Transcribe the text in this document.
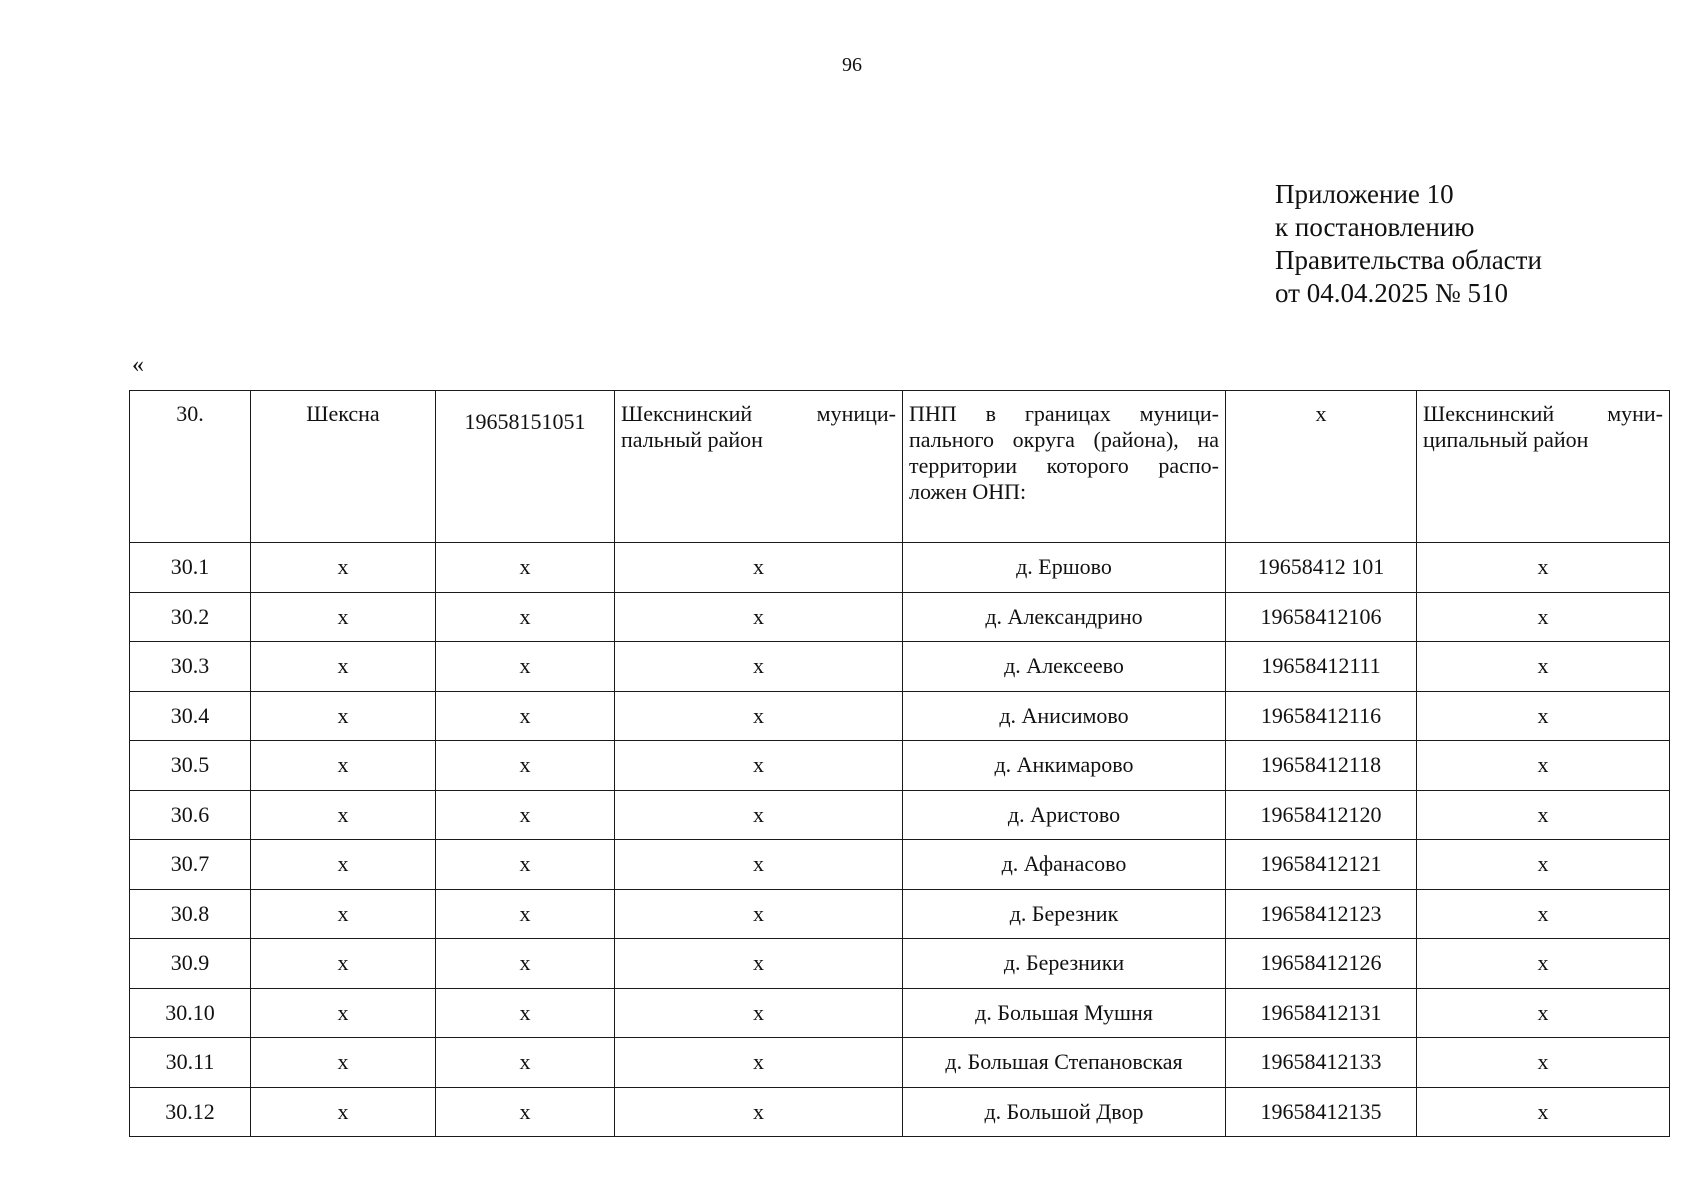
96
Приложение 10
к постановлению
Правительства области
от 04.04.2025 № 510
«
30.	Шексна	19658151051	Шекснинский муници-пальный район	ПНП в границах муници-пального округа (района), на территории которого распо-ложен ОНП:	х	Шекснинский муни-ципальный район
30.1	х	х	х	д. Ершово	19658412 101	х
30.2	х	х	х	д. Александрино	19658412106	х
30.3	х	х	х	д. Алексеево	19658412111	х
30.4	х	х	х	д. Анисимово	19658412116	х
30.5	х	х	х	д. Анкимарово	19658412118	х
30.6	х	х	х	д. Аристово	19658412120	х
30.7	х	х	х	д. Афанасово	19658412121	х
30.8	х	х	х	д. Березник	19658412123	х
30.9	х	х	х	д. Березники	19658412126	х
30.10	х	х	х	д. Большая Мушня	19658412131	х
30.11	х	х	х	д. Большая Степановская	19658412133	х
30.12	х	х	х	д. Большой Двор	19658412135	х
